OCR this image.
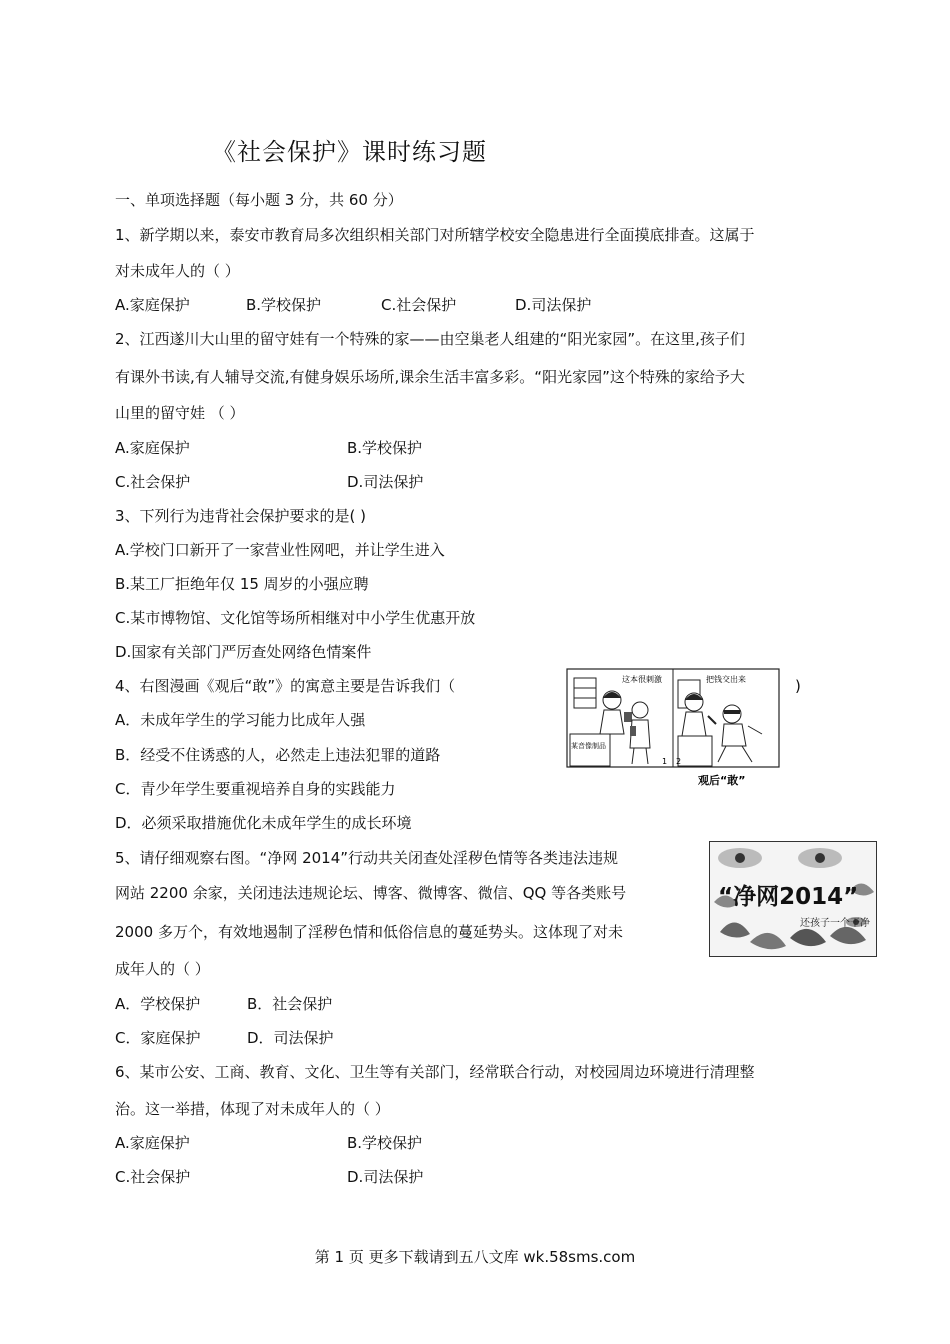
《社会保护》课时练习题
一、单项选择题（每小题 3 分，共 60 分）
1、新学期以来，泰安市教育局多次组织相关部门对所辖学校安全隐患进行全面摸底排查。这属于
对未成年人的（ ）
A.家庭保护	B.学校保护	C.社会保护	D.司法保护
2、江西遂川大山里的留守娃有一个特殊的家——由空巢老人组建的“阳光家园”。在这里,孩子们
有课外书读,有人辅导交流,有健身娱乐场所,课余生活丰富多彩。“阳光家园”这个特殊的家给予大
山里的留守娃 （ ）
A.家庭保护	B.学校保护
C.社会保护	D.司法保护
3、下列行为违背社会保护要求的是( )
A.学校门口新开了一家营业性网吧，并让学生进入
B.某工厂拒绝年仅 15 周岁的小强应聘
C.某市博物馆、文化馆等场所相继对中小学生优惠开放
D.国家有关部门严厉查处网络色情案件
4、右图漫画《观后“敢”》的寓意主要是告诉我们（	)
A．未成年学生的学习能力比成年人强
B．经受不住诱惑的人，必然走上违法犯罪的道路
C．青少年学生要重视培养自身的实践能力
D．必须采取措施优化未成年学生的成长环境
这本很刺激	把钱交出来
某音像制品
1 2
观后“敢”
5、请仔细观察右图。“净网 2014”行动共关闭查处淫秽色情等各类违法违规
网站 2200 余家，关闭违法违规论坛、博客、微博客、微信、QQ 等各类账号
2000 多万个，有效地遏制了淫秽色情和低俗信息的蔓延势头。这体现了对未
成年人的（ ）
A．学校保护	B．社会保护
C．家庭保护	D．司法保护
“净网2014”
还孩子一个干净
6、某市公安、工商、教育、文化、卫生等有关部门，经常联合行动，对校园周边环境进行清理整
治。这一举措，体现了对未成年人的（ ）
A.家庭保护	B.学校保护
C.社会保护	D.司法保护
第 1 页 更多下载请到五八文库 wk.58sms.com
